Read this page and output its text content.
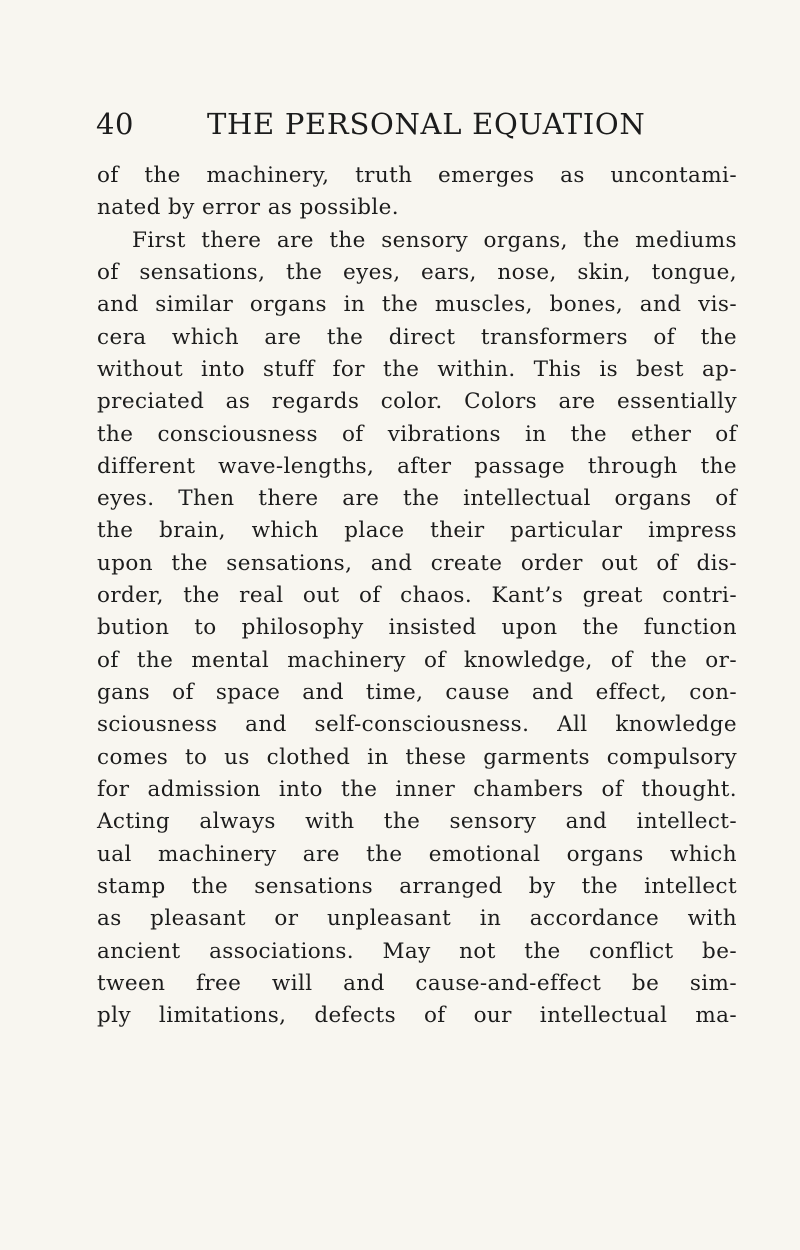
40	THE PERSONAL EQUATION
of the machinery, truth emerges as uncontami-
nated by error as possible.
First there are the sensory organs, the mediums
of sensations, the eyes, ears, nose, skin, tongue,
and similar organs in the muscles, bones, and vis-
cera which are the direct transformers of the
without into stuff for the within. This is best ap-
preciated as regards color. Colors are essentially
the consciousness of vibrations in the ether of
different wave-lengths, after passage through the
eyes. Then there are the intellectual organs of
the brain, which place their particular impress
upon the sensations, and create order out of dis-
order, the real out of chaos. Kant’s great contri-
bution to philosophy insisted upon the function
of the mental machinery of knowledge, of the or-
gans of space and time, cause and effect, con-
sciousness and self-consciousness. All knowledge
comes to us clothed in these garments compulsory
for admission into the inner chambers of thought.
Acting always with the sensory and intellect-
ual machinery are the emotional organs which
stamp the sensations arranged by the intellect
as pleasant or unpleasant in accordance with
ancient associations. May not the conflict be-
tween free will and cause-and-effect be sim-
ply limitations, defects of our intellectual ma-
